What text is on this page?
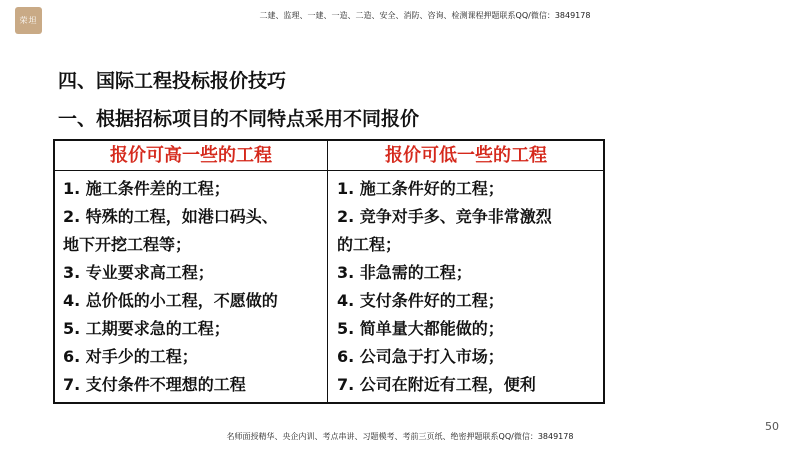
荣坦
二建、监理、一建、一造、二造、安全、消防、咨询、检测课程押题联系QQ/微信：3849178
四、国际工程投标报价技巧
一、根据招标项目的不同特点采用不同报价
报价可高一些的工程	报价可低一些的工程
1. 施工条件差的工程；
2. 特殊的工程，如港口码头、
地下开挖工程等；
3. 专业要求高工程；
4. 总价低的小工程，不愿做的
5. 工期要求急的工程；
6. 对手少的工程；
7. 支付条件不理想的工程
1. 施工条件好的工程；
2. 竞争对手多、竞争非常激烈
的工程；
3. 非急需的工程；
4. 支付条件好的工程；
5. 简单量大都能做的；
6. 公司急于打入市场；
7. 公司在附近有工程，便利
50
名师面授精华、央企内训、考点串讲、习题模考、考前三页纸、绝密押题联系QQ/微信：3849178
